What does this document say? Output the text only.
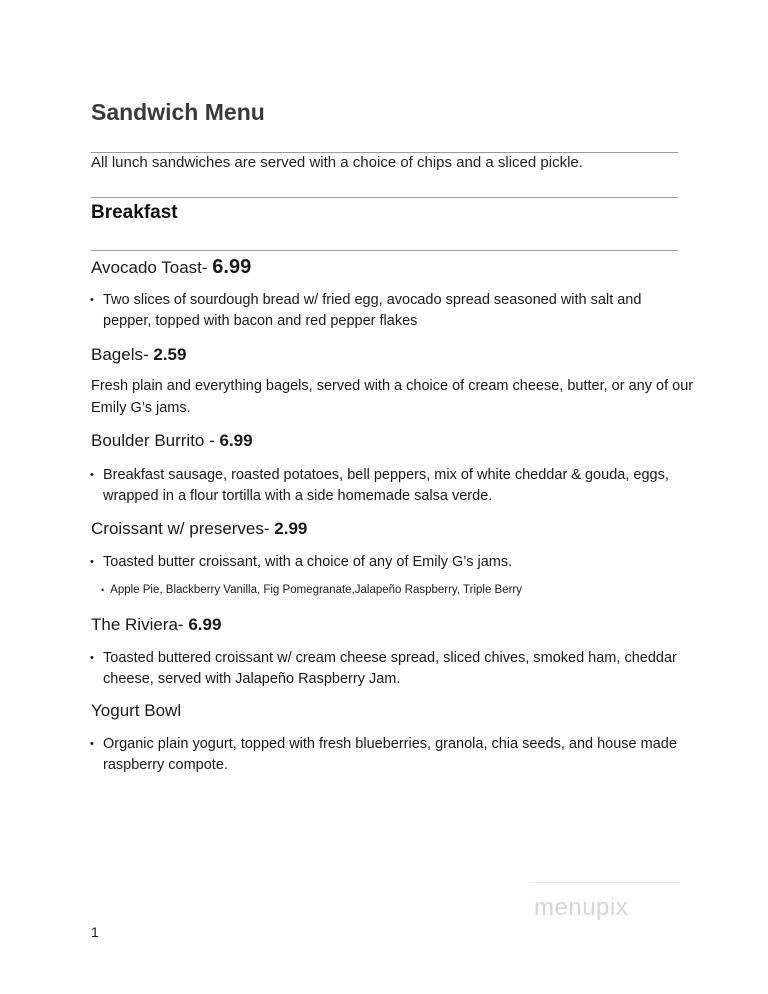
Sandwich Menu
All lunch sandwiches are served with a choice of chips and a sliced pickle.
Breakfast
Avocado Toast- 6.99
• Two slices of sourdough bread w/ fried egg, avocado spread seasoned with salt and pepper, topped with bacon and red pepper flakes
Bagels- 2.59
Fresh plain and everything bagels, served with a choice of cream cheese, butter, or any of our Emily G’s jams.
Boulder Burrito - 6.99
• Breakfast sausage, roasted potatoes, bell peppers, mix of white cheddar & gouda, eggs, wrapped in a flour tortilla with a side homemade salsa verde.
Croissant w/ preserves- 2.99
• Toasted butter croissant, with a choice of any of Emily G’s jams.
• Apple Pie, Blackberry Vanilla, Fig Pomegranate,Jalapeño Raspberry, Triple Berry
The Riviera- 6.99
• Toasted buttered croissant w/ cream cheese spread, sliced chives, smoked ham, cheddar cheese, served with Jalapeño Raspberry Jam.
Yogurt Bowl
• Organic plain yogurt, topped with fresh blueberries, granola, chia seeds, and house made raspberry compote.
1
menupix
